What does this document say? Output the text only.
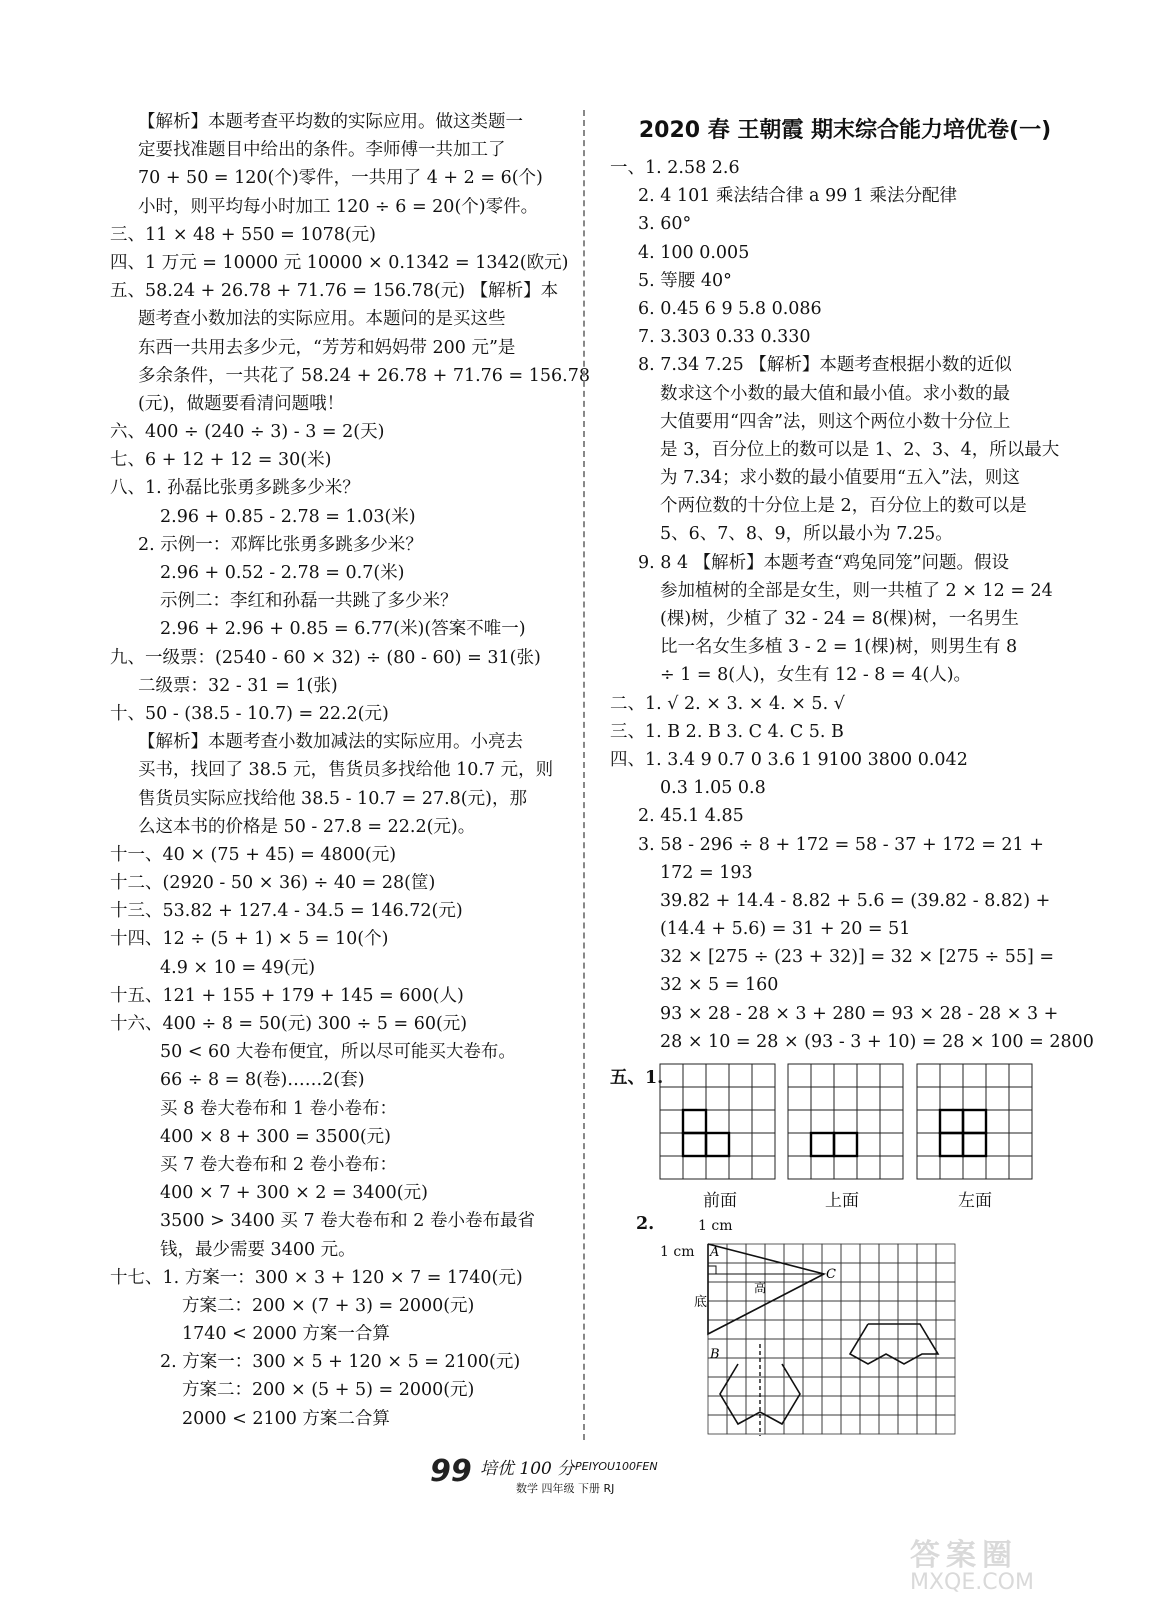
【解析】本题考查平均数的实际应用。做这类题一
定要找准题目中给出的条件。李师傅一共加工了
70 + 50 = 120(个)零件，一共用了 4 + 2 = 6(个)
小时，则平均每小时加工 120 ÷ 6 = 20(个)零件。
三、11 × 48 + 550 = 1078(元)
四、1 万元 = 10000 元 10000 × 0.1342 = 1342(欧元)
五、58.24 + 26.78 + 71.76 = 156.78(元) 【解析】本
题考查小数加法的实际应用。本题问的是买这些
东西一共用去多少元，“芳芳和妈妈带 200 元”是
多余条件，一共花了 58.24 + 26.78 + 71.76 = 156.78
(元)，做题要看清问题哦！
六、400 ÷ (240 ÷ 3) - 3 = 2(天)
七、6 + 12 + 12 = 30(米)
八、1. 孙磊比张勇多跳多少米？
2.96 + 0.85 - 2.78 = 1.03(米)
2. 示例一：邓辉比张勇多跳多少米？
2.96 + 0.52 - 2.78 = 0.7(米)
示例二：李红和孙磊一共跳了多少米？
2.96 + 2.96 + 0.85 = 6.77(米)(答案不唯一)
九、一级票：(2540 - 60 × 32) ÷ (80 - 60) = 31(张)
二级票：32 - 31 = 1(张)
十、50 - (38.5 - 10.7) = 22.2(元)
【解析】本题考查小数加减法的实际应用。小亮去
买书，找回了 38.5 元，售货员多找给他 10.7 元，则
售货员实际应找给他 38.5 - 10.7 = 27.8(元)，那
么这本书的价格是 50 - 27.8 = 22.2(元)。
十一、40 × (75 + 45) = 4800(元)
十二、(2920 - 50 × 36) ÷ 40 = 28(筐)
十三、53.82 + 127.4 - 34.5 = 146.72(元)
十四、12 ÷ (5 + 1) × 5 = 10(个)
4.9 × 10 = 49(元)
十五、121 + 155 + 179 + 145 = 600(人)
十六、400 ÷ 8 = 50(元) 300 ÷ 5 = 60(元)
50 < 60 大卷布便宜，所以尽可能买大卷布。
66 ÷ 8 = 8(卷)……2(套)
买 8 卷大卷布和 1 卷小卷布：
400 × 8 + 300 = 3500(元)
买 7 卷大卷布和 2 卷小卷布：
400 × 7 + 300 × 2 = 3400(元)
3500 > 3400 买 7 卷大卷布和 2 卷小卷布最省
钱，最少需要 3400 元。
十七、1. 方案一：300 × 3 + 120 × 7 = 1740(元)
方案二：200 × (7 + 3) = 2000(元)
1740 < 2000 方案一合算
2. 方案一：300 × 5 + 120 × 5 = 2100(元)
方案二：200 × (5 + 5) = 2000(元)
2000 < 2100 方案二合算
2020 春 王朝霞 期末综合能力培优卷(一)
一、1. 2.58 2.6
2. 4 101 乘法结合律 a 99 1 乘法分配律
3. 60°
4. 100 0.005
5. 等腰 40°
6. 0.45 6 9 5.8 0.086
7. 3.303 0.33 0.330
8. 7.34 7.25 【解析】本题考查根据小数的近似
数求这个小数的最大值和最小值。求小数的最
大值要用“四舍”法，则这个两位小数十分位上
是 3，百分位上的数可以是 1、2、3、4，所以最大
为 7.34；求小数的最小值要用“五入”法，则这
个两位数的十分位上是 2，百分位上的数可以是
5、6、7、8、9，所以最小为 7.25。
9. 8 4 【解析】本题考查“鸡兔同笼”问题。假设
参加植树的全部是女生，则一共植了 2 × 12 = 24
(棵)树，少植了 32 - 24 = 8(棵)树，一名男生
比一名女生多植 3 - 2 = 1(棵)树，则男生有 8
÷ 1 = 8(人)，女生有 12 - 8 = 4(人)。
二、1. √ 2. × 3. × 4. × 5. √
三、1. B 2. B 3. C 4. C 5. B
四、1. 3.4 9 0.7 0 3.6 1 9100 3800 0.042
0.3 1.05 0.8
2. 45.1 4.85
3. 58 - 296 ÷ 8 + 172 = 58 - 37 + 172 = 21 +
172 = 193
39.82 + 14.4 - 8.82 + 5.6 = (39.82 - 8.82) +
(14.4 + 5.6) = 31 + 20 = 51
32 × [275 ÷ (23 + 32)] = 32 × [275 ÷ 55] =
32 × 5 = 160
93 × 28 - 28 × 3 + 280 = 93 × 28 - 28 × 3 +
28 × 10 = 28 × (93 - 3 + 10) = 28 × 100 = 2800
五、1.
前面	上面	左面
2.	1 cm
1 cm A
B
C
底
高
99 培优 100 分 PEIYOU100FEN
数学 四年级 下册 RJ
答案圈
MXQE.COM
